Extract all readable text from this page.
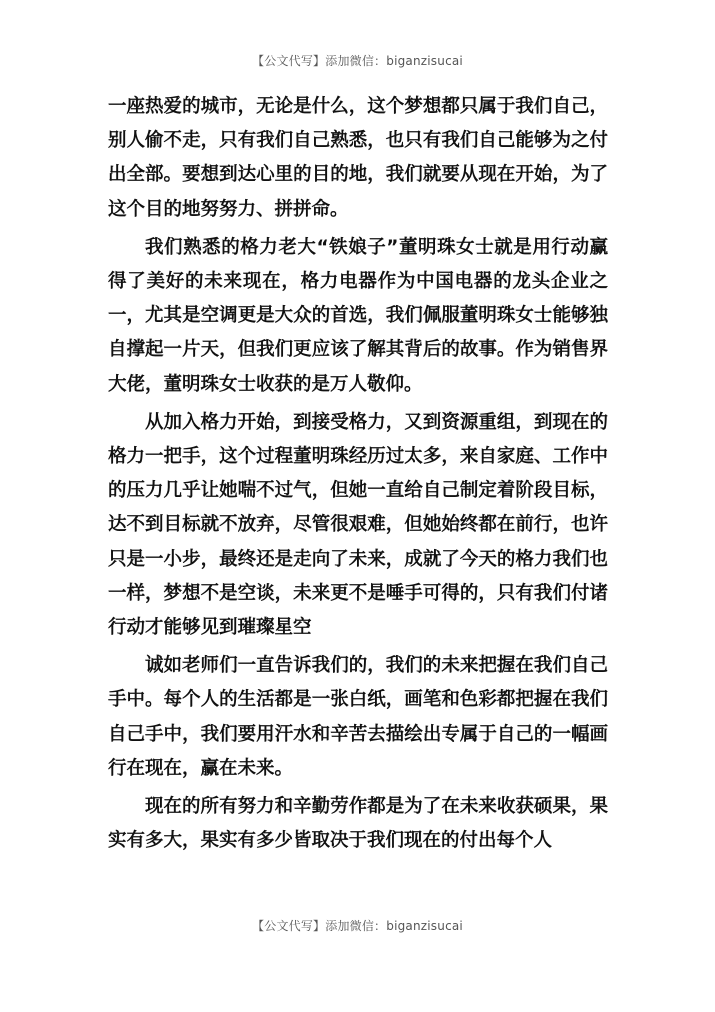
【公文代写】添加微信：biganzisucai

一座热爱的城市，无论是什么，这个梦想都只属于我们自己，别人偷不走，只有我们自己熟悉，也只有我们自己能够为之付出全部。要想到达心里的目的地，我们就要从现在开始，为了这个目的地努努力、拼拼命。

我们熟悉的格力老大“铁娘子”董明珠女士就是用行动赢得了美好的未来现在，格力电器作为中国电器的龙头企业之一，尤其是空调更是大众的首选，我们佩服董明珠女士能够独自撑起一片天，但我们更应该了解其背后的故事。作为销售界大佬，董明珠女士收获的是万人敬仰。

从加入格力开始，到接受格力，又到资源重组，到现在的格力一把手，这个过程董明珠经历过太多，来自家庭、工作中的压力几乎让她喘不过气，但她一直给自己制定着阶段目标，达不到目标就不放弃，尽管很艰难，但她始终都在前行，也许只是一小步，最终还是走向了未来，成就了今天的格力我们也一样，梦想不是空谈，未来更不是唾手可得的，只有我们付诸行动才能够见到璀璨星空

诚如老师们一直告诉我们的，我们的未来把握在我们自己手中。每个人的生活都是一张白纸，画笔和色彩都把握在我们自己手中，我们要用汗水和辛苦去描绘出专属于自己的一幅画行在现在，赢在未来。

现在的所有努力和辛勤劳作都是为了在未来收获硕果，果实有多大，果实有多少皆取决于我们现在的付出每个人

【公文代写】添加微信：biganzisucai
